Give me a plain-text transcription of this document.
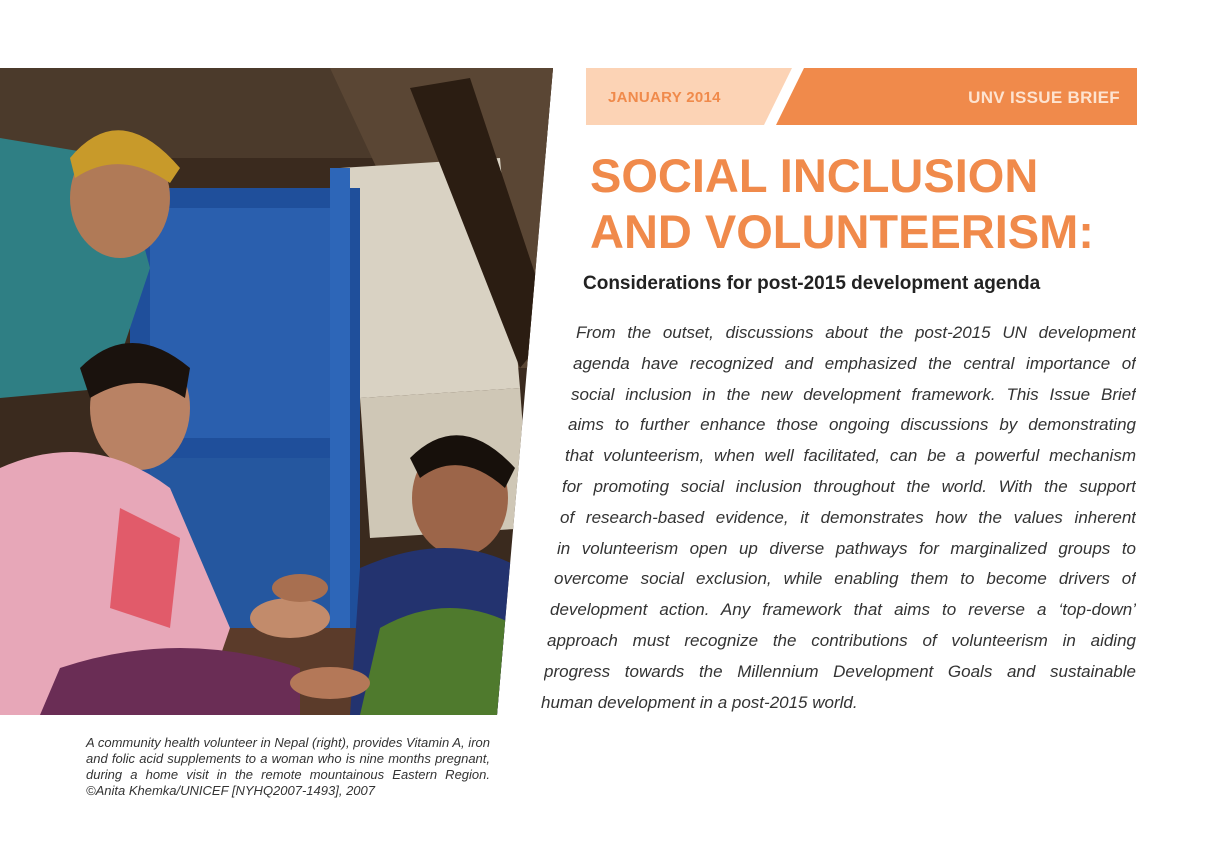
A community health volunteer in Nepal (right), provides Vitamin A, iron and folic acid supplements to a woman who is nine months pregnant, during a home visit in the remote mountainous Eastern Region. ©Anita Khemka/UNICEF [NYHQ2007-1493], 2007
JANUARY 2014	UNV ISSUE BRIEF
SOCIAL INCLUSION
AND VOLUNTEERISM:
Considerations for post-2015 development agenda
From the outset, discussions about the post-2015 UN development
agenda have recognized and emphasized the central importance of
social inclusion in the new development framework. This Issue Brief
aims to further enhance those ongoing discussions by demonstrating
that volunteerism, when well facilitated, can be a powerful mechanism
for promoting social inclusion throughout the world. With the support
of research-based evidence, it demonstrates how the values inherent
in volunteerism open up diverse pathways for marginalized groups to
overcome social exclusion, while enabling them to become drivers of
development action. Any framework that aims to reverse a ‘top-down’
approach must recognize the contributions of volunteerism in aiding
progress towards the Millennium Development Goals and sustainable
human development in a post-2015 world.
